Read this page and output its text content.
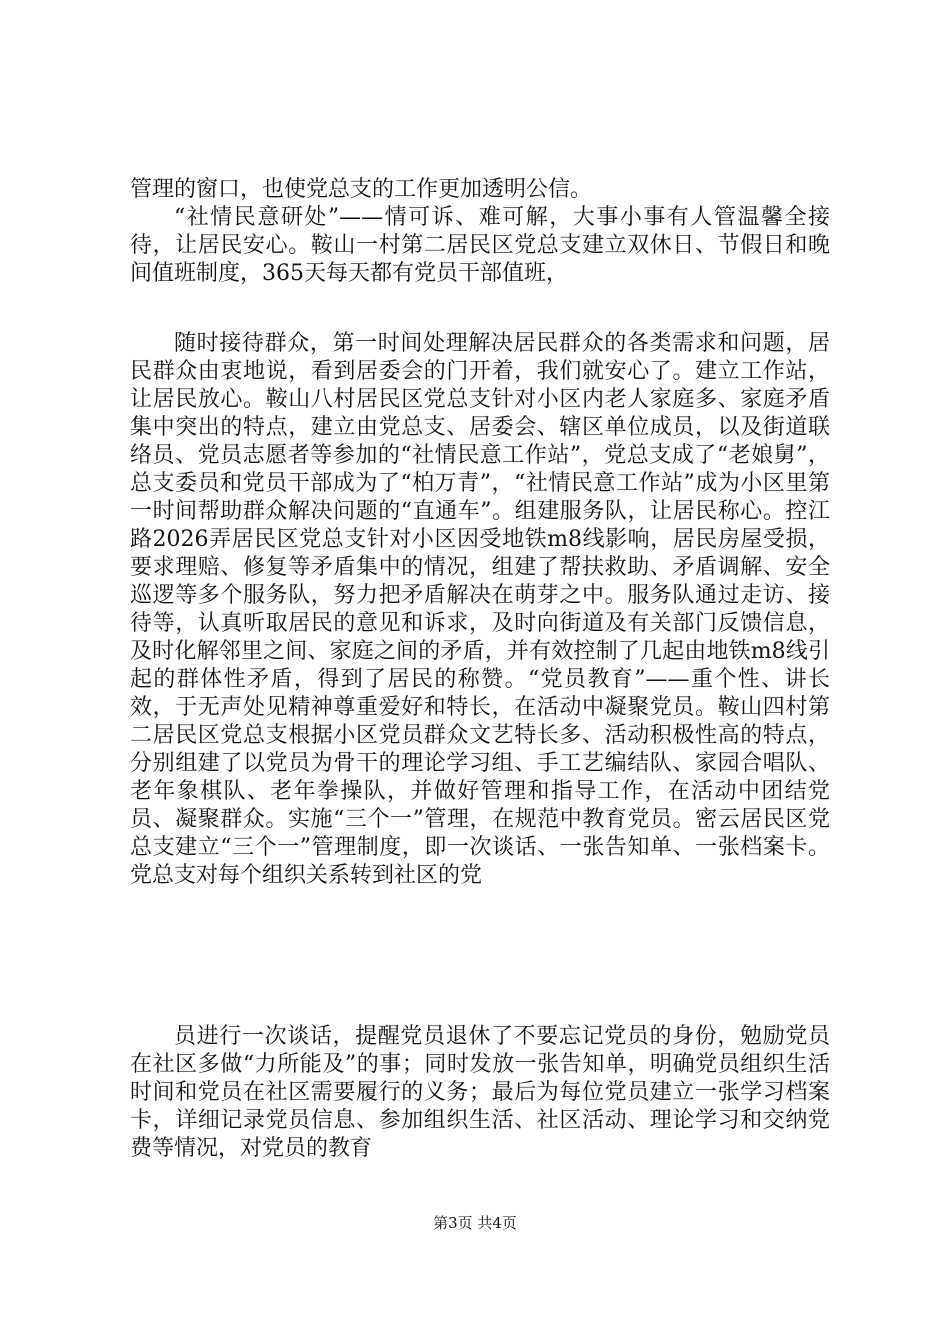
管理的窗口，也使党总支的工作更加透明公信。

“社情民意研处”——情可诉、难可解，大事小事有人管温馨全接待，让居民安心。鞍山一村第二居民区党总支建立双休日、节假日和晚间值班制度，365天每天都有党员干部值班，

随时接待群众，第一时间处理解决居民群众的各类需求和问题，居民群众由衷地说，看到居委会的门开着，我们就安心了。建立工作站，让居民放心。鞍山八村居民区党总支针对小区内老人家庭多、家庭矛盾集中突出的特点，建立由党总支、居委会、辖区单位成员，以及街道联络员、党员志愿者等参加的“社情民意工作站”，党总支成了“老娘舅”，总支委员和党员干部成为了“柏万青”，“社情民意工作站”成为小区里第一时间帮助群众解决问题的“直通车”。组建服务队，让居民称心。控江路2026弄居民区党总支针对小区因受地铁m8线影响，居民房屋受损，要求理赔、修复等矛盾集中的情况，组建了帮扶救助、矛盾调解、安全巡逻等多个服务队，努力把矛盾解决在萌芽之中。服务队通过走访、接待等，认真听取居民的意见和诉求，及时向街道及有关部门反馈信息，及时化解邻里之间、家庭之间的矛盾，并有效控制了几起由地铁m8线引起的群体性矛盾，得到了居民的称赞。“党员教育”——重个性、讲长效，于无声处见精神尊重爱好和特长，在活动中凝聚党员。鞍山四村第二居民区党总支根据小区党员群众文艺特长多、活动积极性高的特点，分别组建了以党员为骨干的理论学习组、手工艺编结队、家园合唱队、老年象棋队、老年拳操队，并做好管理和指导工作，在活动中团结党员、凝聚群众。实施“三个一”管理，在规范中教育党员。密云居民区党总支建立“三个一”管理制度，即一次谈话、一张告知单、一张档案卡。党总支对每个组织关系转到社区的党

员进行一次谈话，提醒党员退休了不要忘记党员的身份，勉励党员在社区多做“力所能及”的事；同时发放一张告知单，明确党员组织生活时间和党员在社区需要履行的义务；最后为每位党员建立一张学习档案卡，详细记录党员信息、参加组织生活、社区活动、理论学习和交纳党费等情况，对党员的教育

第3页 共4页
